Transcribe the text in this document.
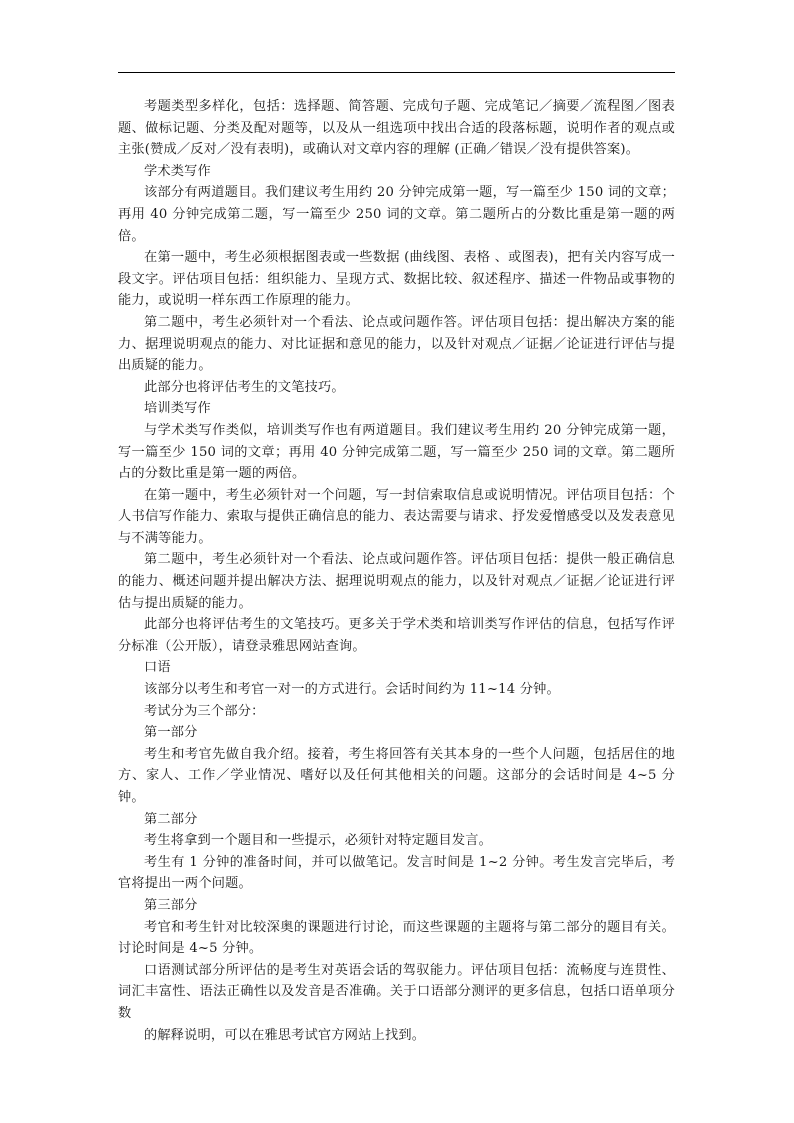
考题类型多样化，包括：选择题、简答题、完成句子题、完成笔记／摘要／流程图／图表题、做标记题、分类及配对题等，以及从一组选项中找出合适的段落标题，说明作者的观点或主张(赞成／反对／没有表明)，或确认对文章内容的理解 (正确／错误／没有提供答案)。

学术类写作

该部分有两道题目。我们建议考生用约 20 分钟完成第一题，写一篇至少 150 词的文章；再用 40 分钟完成第二题，写一篇至少 250 词的文章。第二题所占的分数比重是第一题的两倍。

在第一题中，考生必须根据图表或一些数据 (曲线图、表格 、或图表)，把有关内容写成一段文字。评估项目包括：组织能力、呈现方式、数据比较、叙述程序、描述一件物品或事物的能力，或说明一样东西工作原理的能力。

第二题中，考生必须针对一个看法、论点或问题作答。评估项目包括：提出解决方案的能力、据理说明观点的能力、对比证据和意见的能力，以及针对观点／证据／论证进行评估与提出质疑的能力。

此部分也将评估考生的文笔技巧。

培训类写作

与学术类写作类似，培训类写作也有两道题目。我们建议考生用约 20 分钟完成第一题，写一篇至少 150 词的文章；再用 40 分钟完成第二题，写一篇至少 250 词的文章。第二题所占的分数比重是第一题的两倍。

在第一题中，考生必须针对一个问题，写一封信索取信息或说明情况。评估项目包括：个人书信写作能力、索取与提供正确信息的能力、表达需要与请求、抒发爱憎感受以及发表意见与不满等能力。

第二题中，考生必须针对一个看法、论点或问题作答。评估项目包括：提供一般正确信息的能力、概述问题并提出解决方法、据理说明观点的能力，以及针对观点／证据／论证进行评估与提出质疑的能力。

此部分也将评估考生的文笔技巧。更多关于学术类和培训类写作评估的信息，包括写作评分标准（公开版），请登录雅思网站查询。

口语

该部分以考生和考官一对一的方式进行。会话时间约为 11~14 分钟。

考试分为三个部分：

第一部分

考生和考官先做自我介绍。接着，考生将回答有关其本身的一些个人问题，包括居住的地方、家人、工作／学业情况、嗜好以及任何其他相关的问题。这部分的会话时间是 4~5 分钟。

第二部分

考生将拿到一个题目和一些提示，必须针对特定题目发言。

考生有 1 分钟的准备时间，并可以做笔记。发言时间是 1~2 分钟。考生发言完毕后，考官将提出一两个问题。

第三部分

考官和考生针对比较深奥的课题进行讨论，而这些课题的主题将与第二部分的题目有关。讨论时间是 4~5 分钟。

口语测试部分所评估的是考生对英语会话的驾驭能力。评估项目包括：流畅度与连贯性、词汇丰富性、语法正确性以及发音是否准确。关于口语部分测评的更多信息，包括口语单项分数

的解释说明，可以在雅思考试官方网站上找到。
